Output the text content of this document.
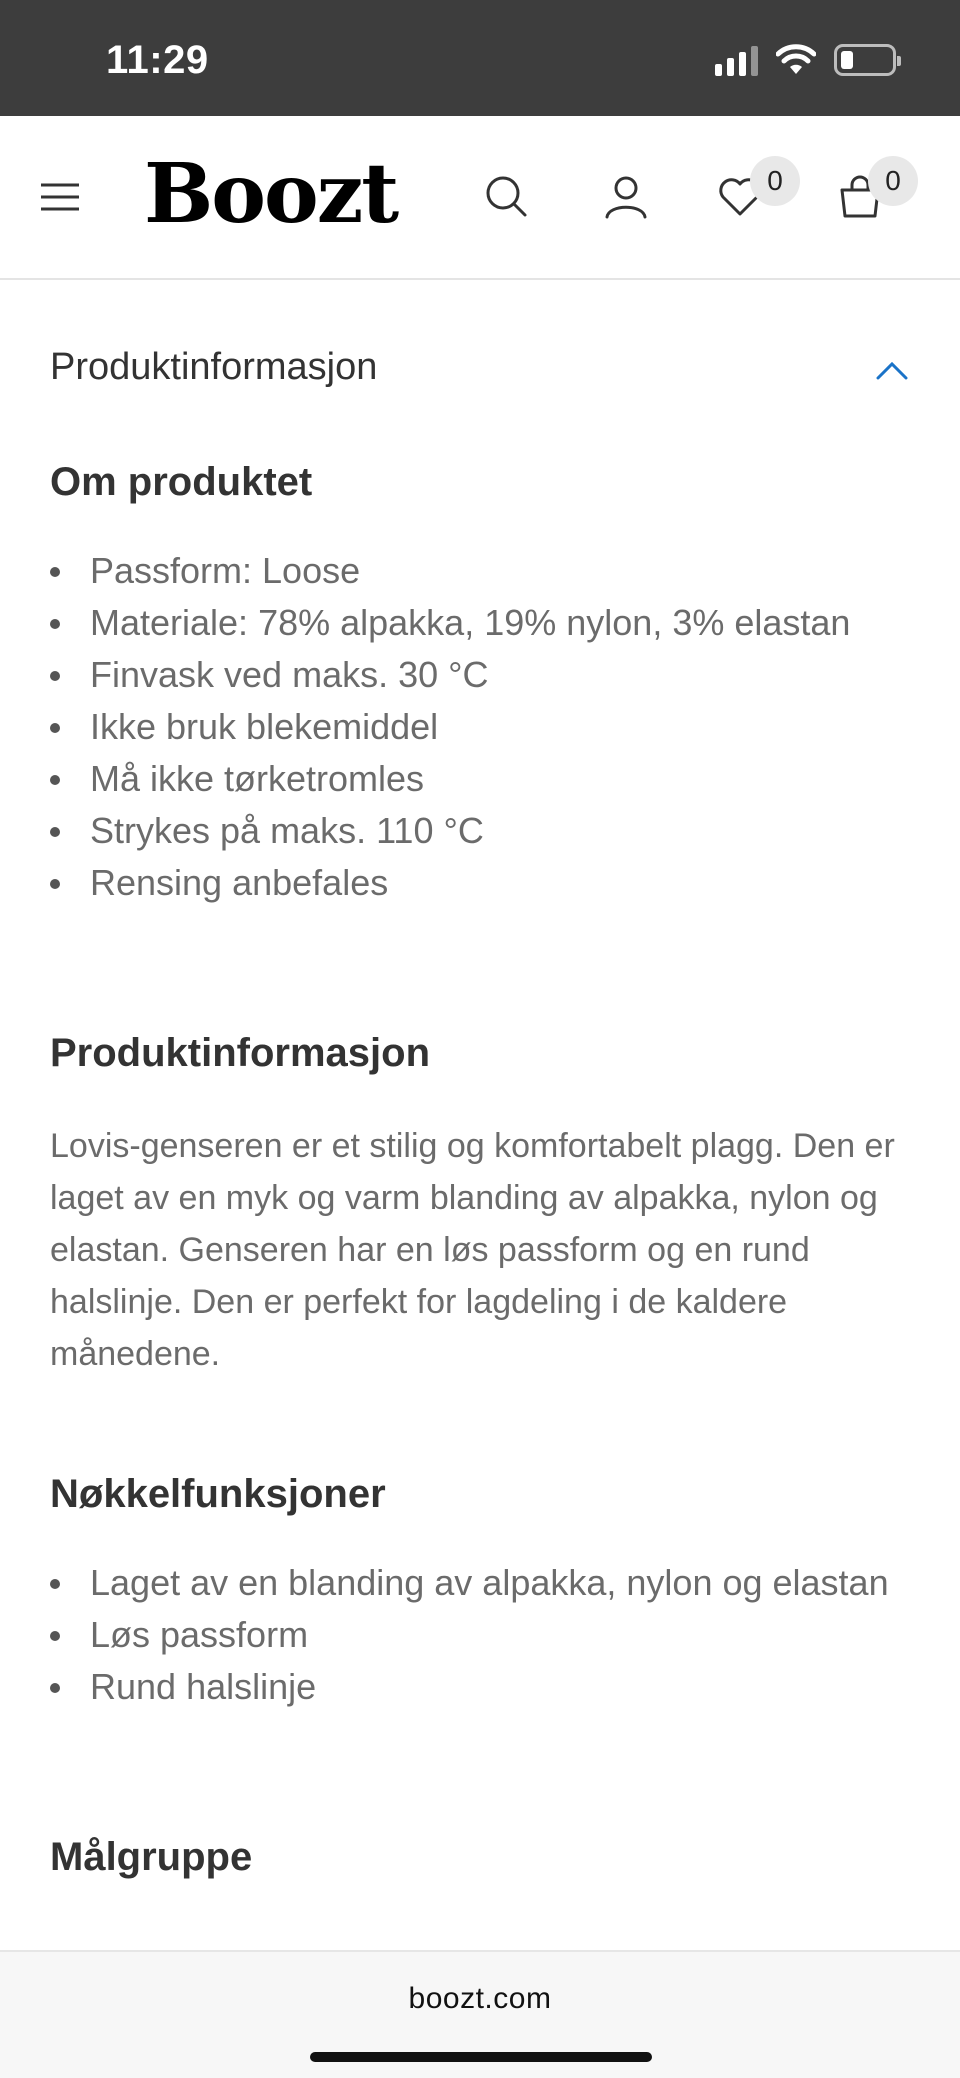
11:29
Boozt	0	0
Produktinformasjon
Om produktet
Passform: Loose
Materiale: 78% alpakka, 19% nylon, 3% elastan
Finvask ved maks. 30 °C
Ikke bruk blekemiddel
Må ikke tørketromles
Strykes på maks. 110 °C
Rensing anbefales
Produktinformasjon

Lovis-genseren er et stilig og komfortabelt plagg. Den er laget av en myk og varm blanding av alpakka, nylon og elastan. Genseren har en løs passform og en rund halslinje. Den er perfekt for lagdeling i de kaldere månedene.

Nøkkelfunksjoner
Laget av en blanding av alpakka, nylon og elastan
Løs passform
Rund halslinje
Målgruppe
boozt.com
